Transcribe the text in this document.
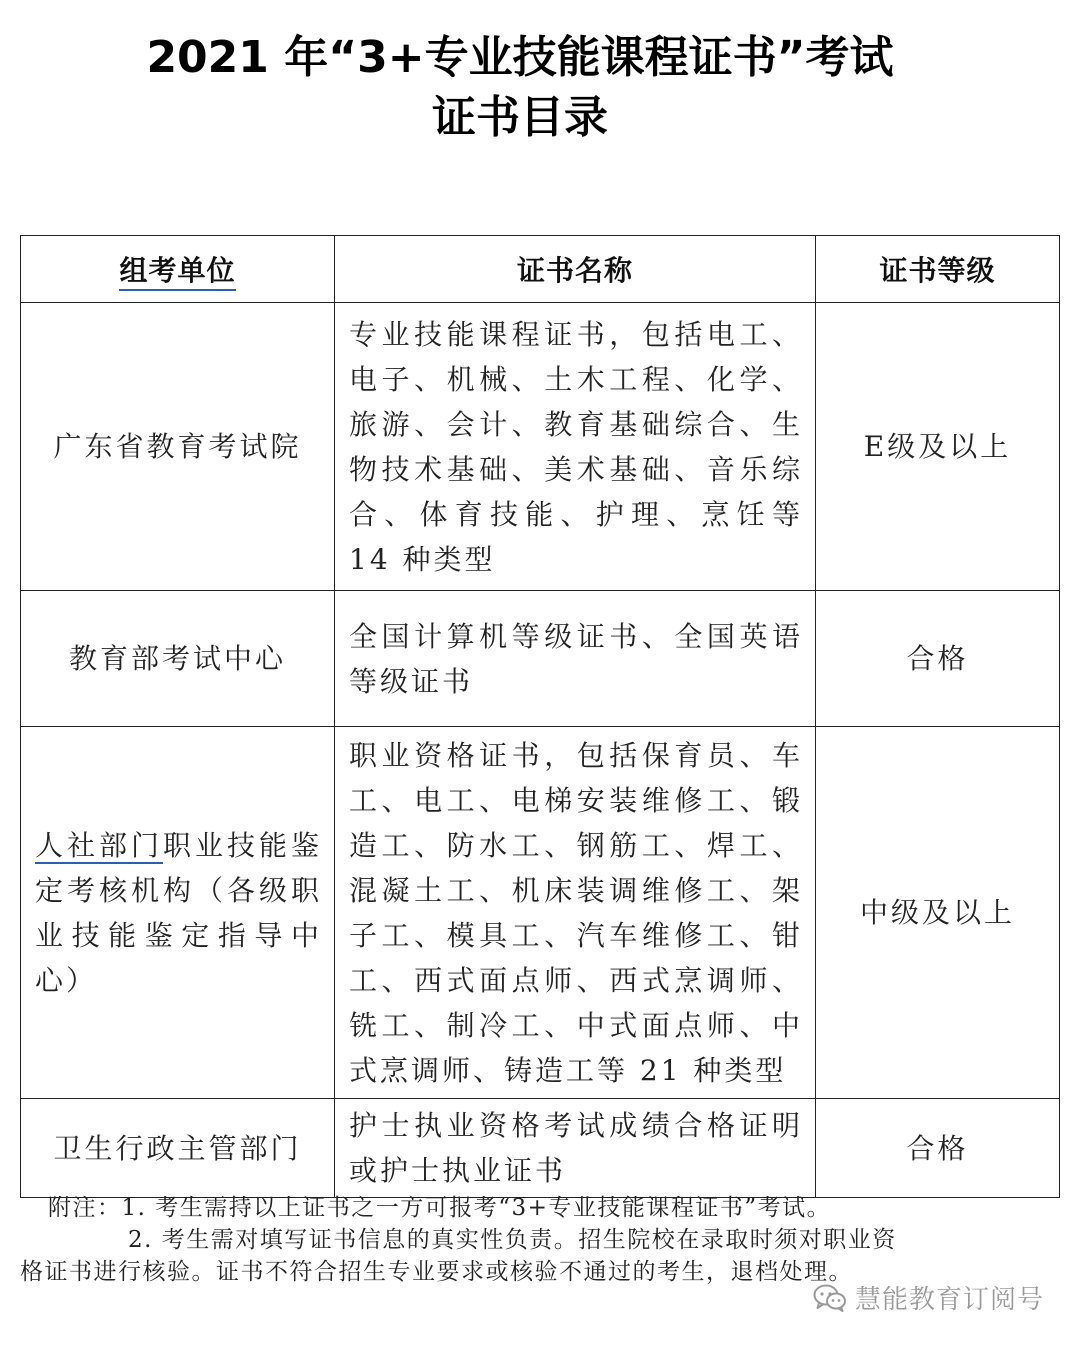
2021 年“3+专业技能课程证书”考试
证书目录
组考单位	证书名称	证书等级
广东省教育考试院	专业技能课程证书，包括电工、电子、机械、土木工程、化学、旅游、会计、教育基础综合、生物技术基础、美术基础、音乐综合、体育技能、护理、烹饪等 14 种类型	E级及以上
教育部考试中心	全国计算机等级证书、全国英语等级证书	合格
人社部门职业技能鉴定考核机构（各级职业技能鉴定指导中心）	职业资格证书，包括保育员、车工、电工、电梯安装维修工、锻造工、防水工、钢筋工、焊工、混凝土工、机床装调维修工、架子工、模具工、汽车维修工、钳工、西式面点师、西式烹调师、铣工、制冷工、中式面点师、中式烹调师、铸造工等 21 种类型	中级及以上
卫生行政主管部门	护士执业资格考试成绩合格证明或护士执业证书	合格
附注：1. 考生需持以上证书之一方可报考“3+专业技能课程证书”考试。
2. 考生需对填写证书信息的真实性负责。招生院校在录取时须对职业资
格证书进行核验。证书不符合招生专业要求或核验不通过的考生，退档处理。
慧能教育订阅号
